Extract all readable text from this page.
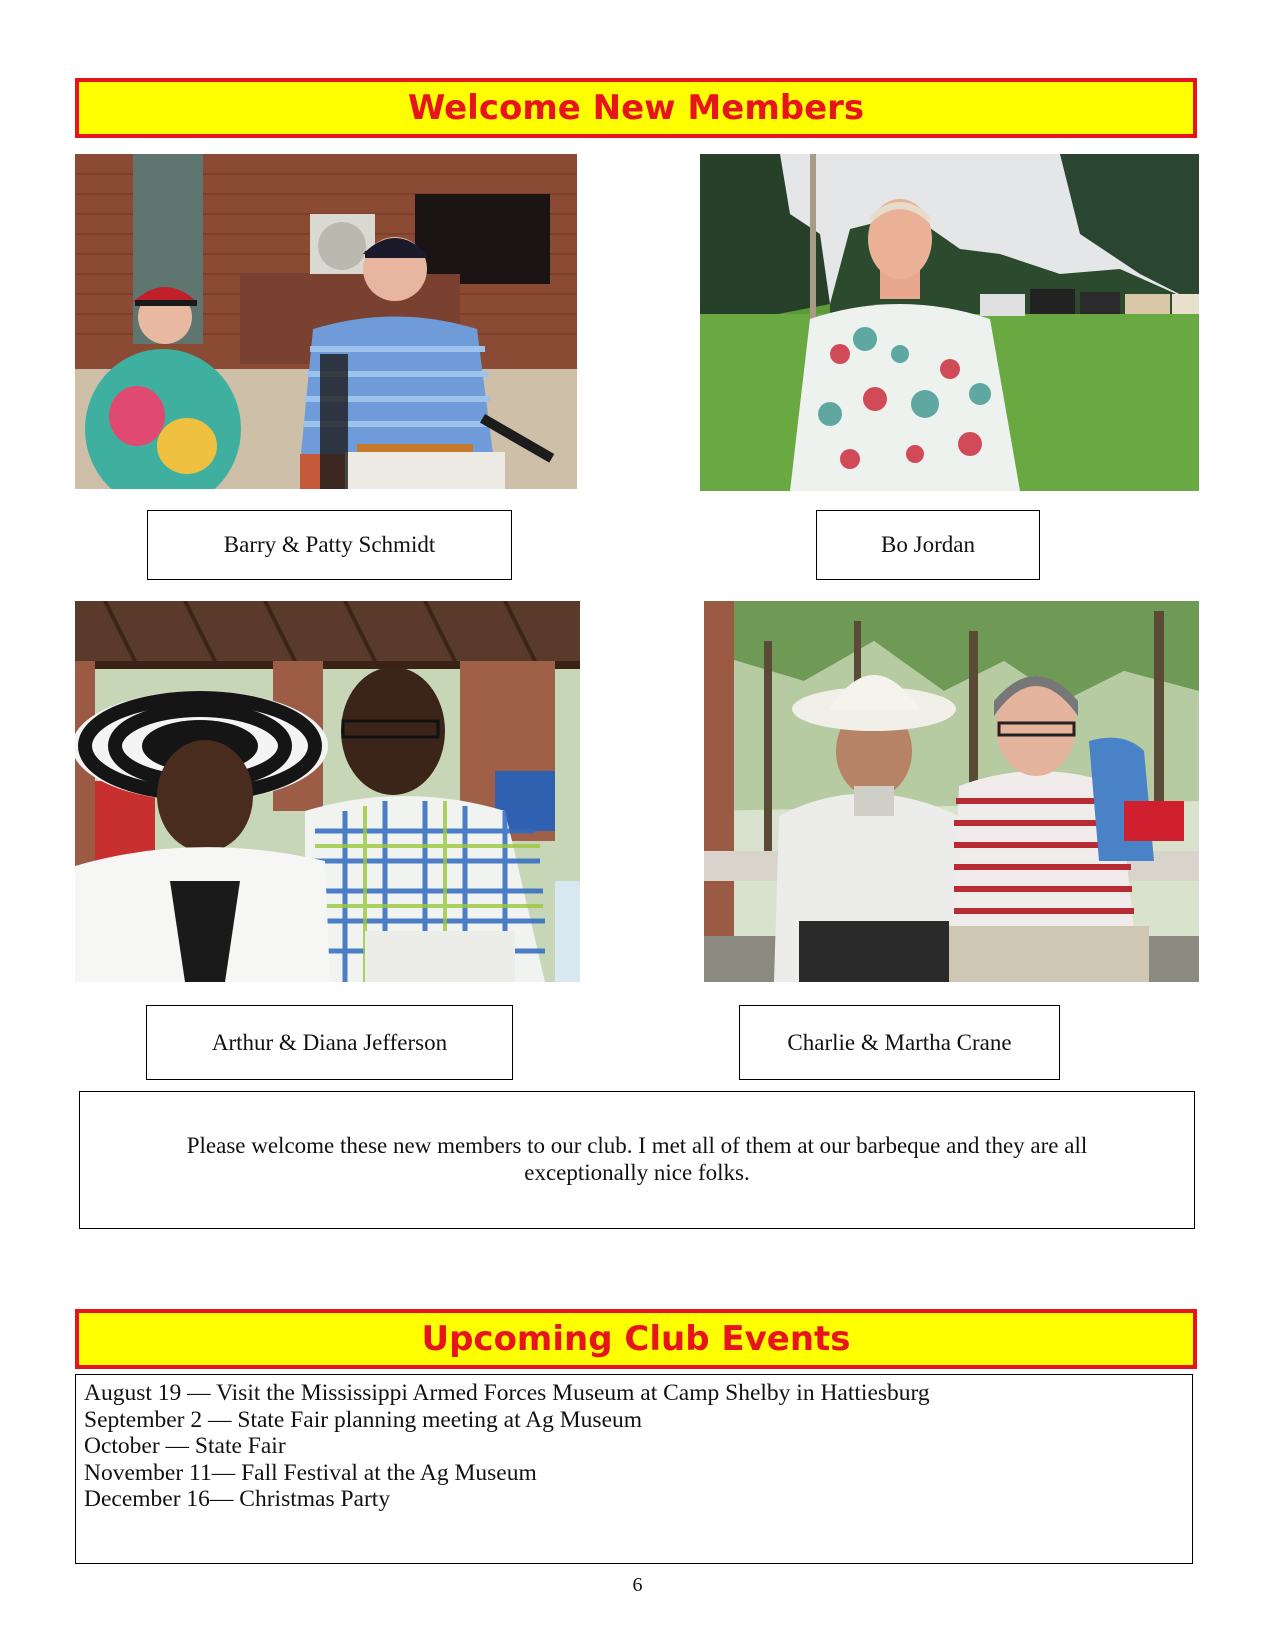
Welcome New Members
Barry & Patty Schmidt	Bo Jordan
Arthur & Diana Jefferson	Charlie & Martha Crane
Please welcome these new members to our club. I met all of them at our barbeque and they are all exceptionally nice folks.
Upcoming Club Events
August 19 — Visit the Mississippi Armed Forces Museum at Camp Shelby in Hattiesburg
September 2 — State Fair planning meeting at Ag Museum
October — State Fair
November 11— Fall Festival at the Ag Museum
December 16— Christmas Party
6
